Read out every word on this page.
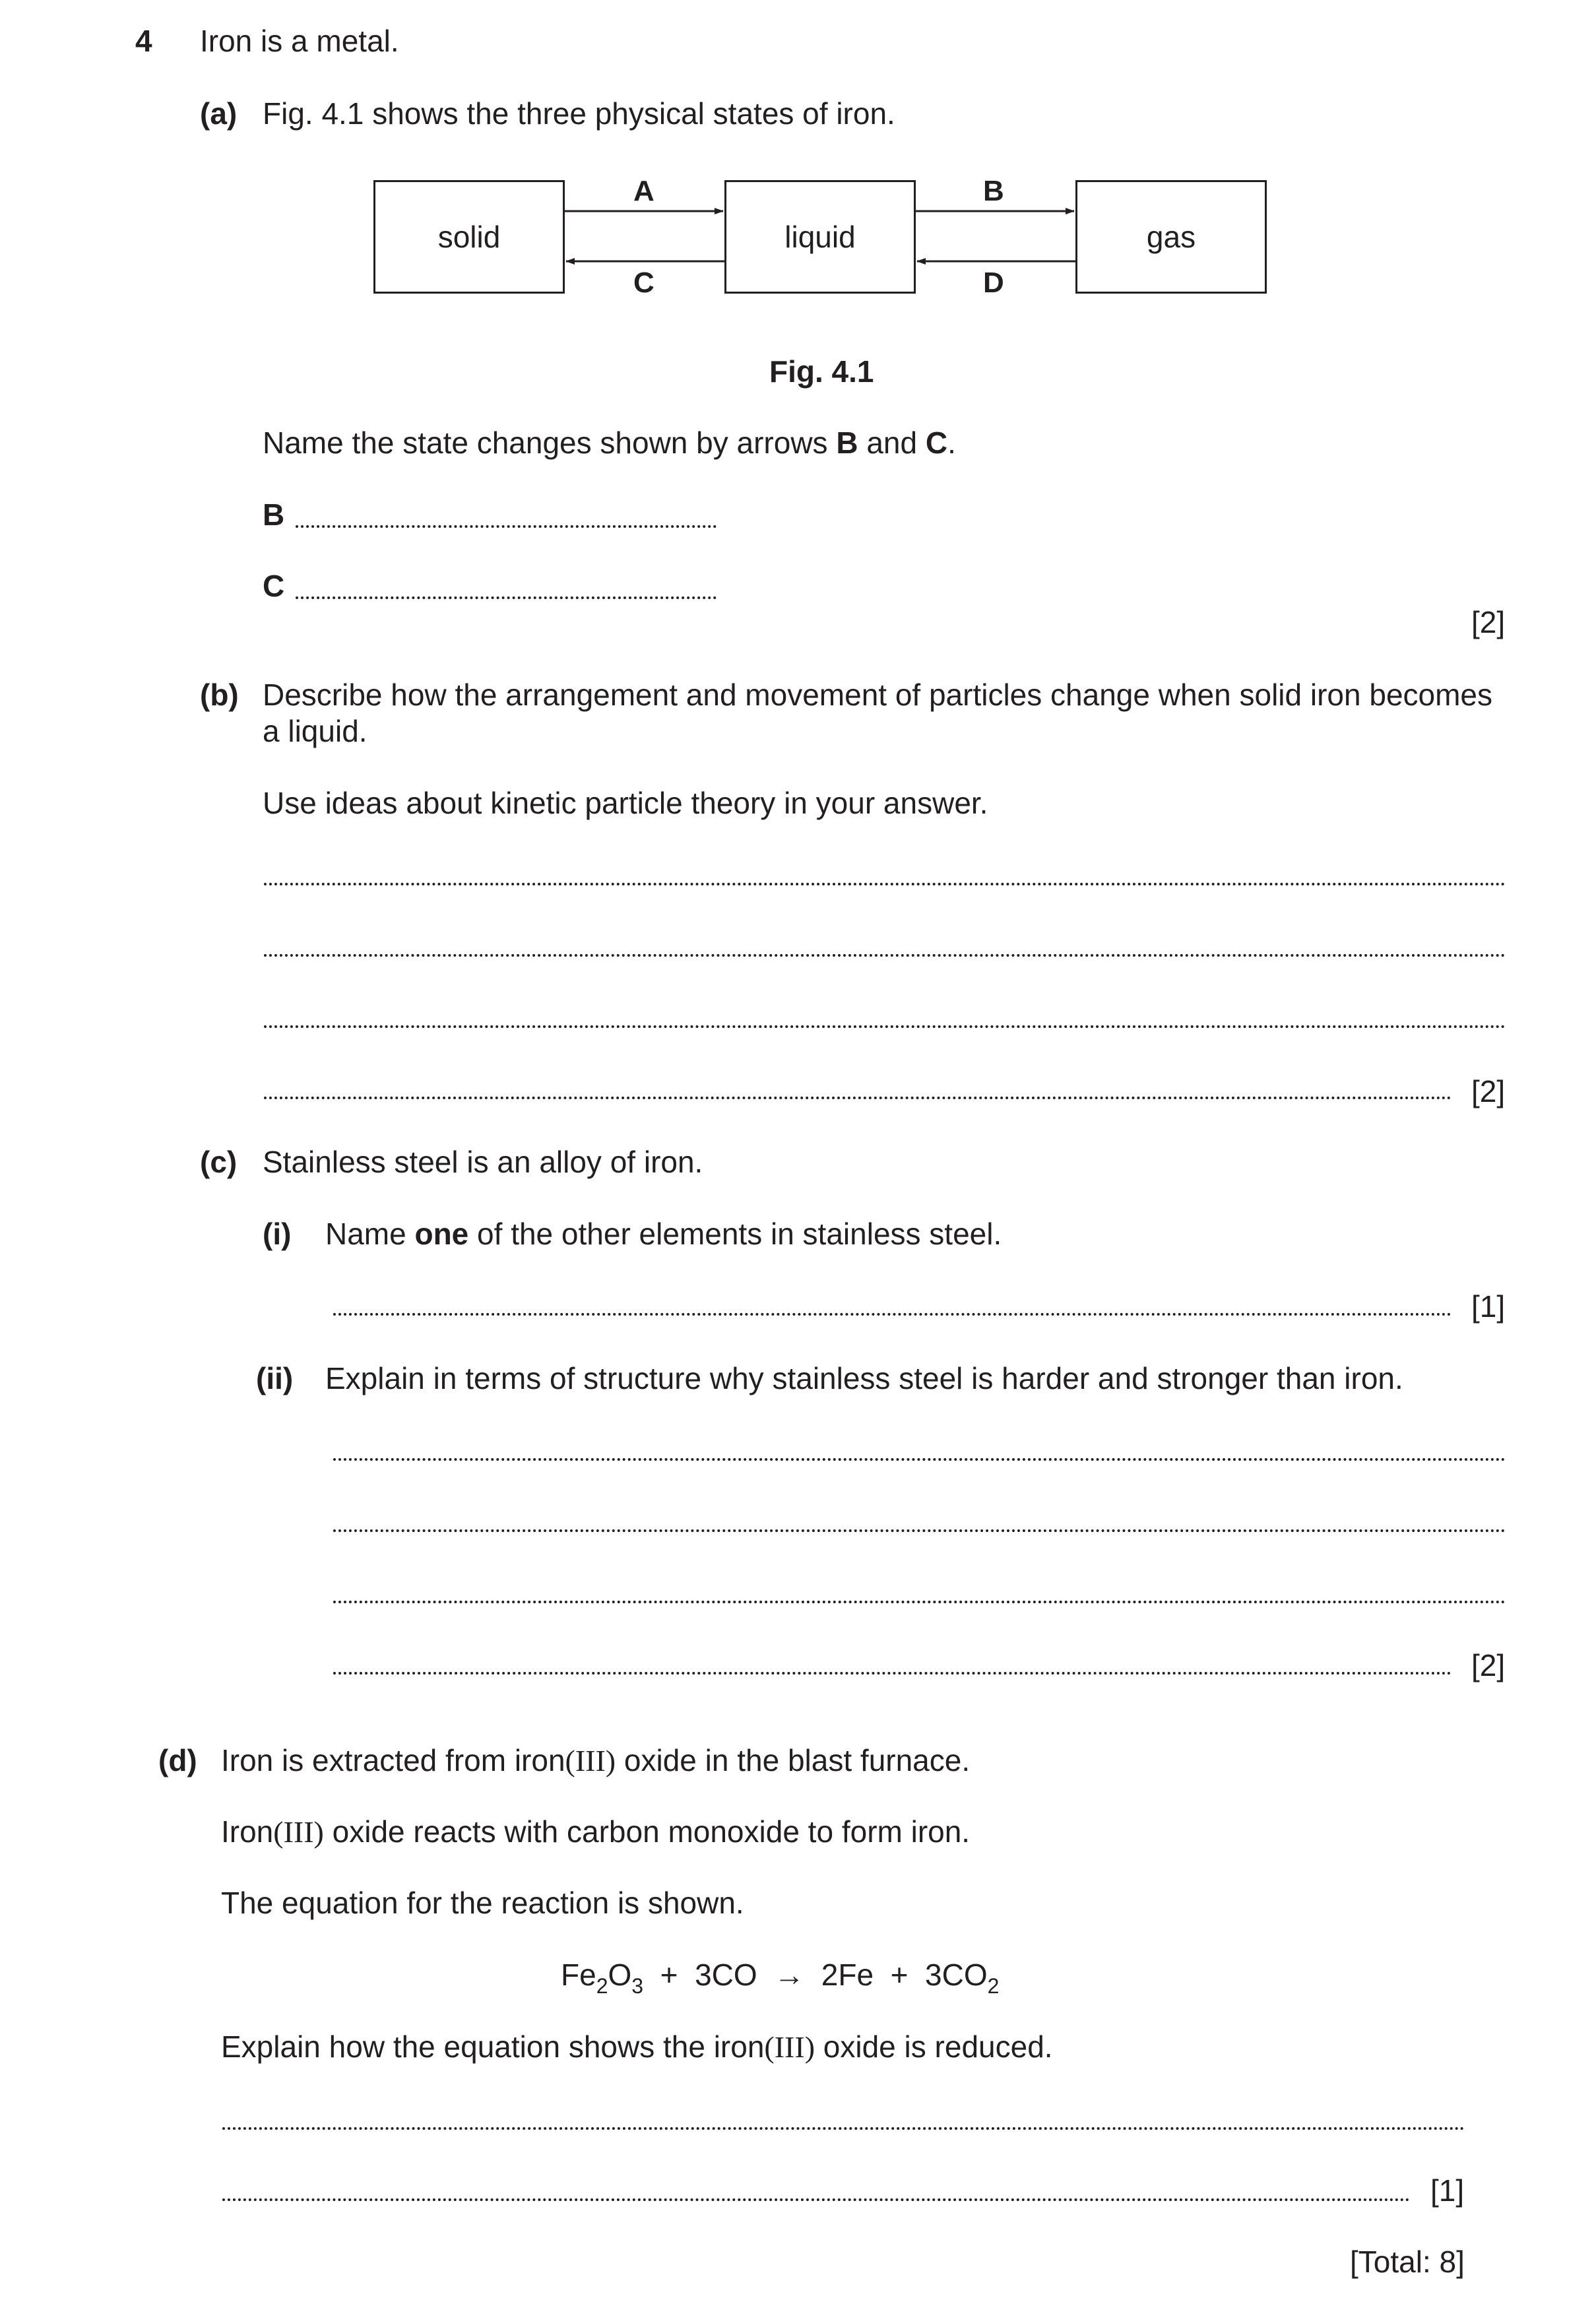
4 Iron is a metal.
(a) Fig. 4.1 shows the three physical states of iron.
solid	liquid	gas
A
C
B
D
Fig. 4.1
Name the state changes shown by arrows B and C.
B
C
[2]
(b) Describe how the arrangement and movement of particles change when solid iron becomes
a liquid.
Use ideas about kinetic particle theory in your answer.
[2]
(c) Stainless steel is an alloy of iron.
(i) Name one of the other elements in stainless steel.
[1]
(ii) Explain in terms of structure why stainless steel is harder and stronger than iron.
[2]
(d) Iron is extracted from iron(III) oxide in the blast furnace.
Iron(III) oxide reacts with carbon monoxide to form iron.
The equation for the reaction is shown.
$Fe_2O_3 + 3CO \to 2Fe + 3CO_2$
Explain how the equation shows the iron(III) oxide is reduced.
[1]
[Total: 8]
